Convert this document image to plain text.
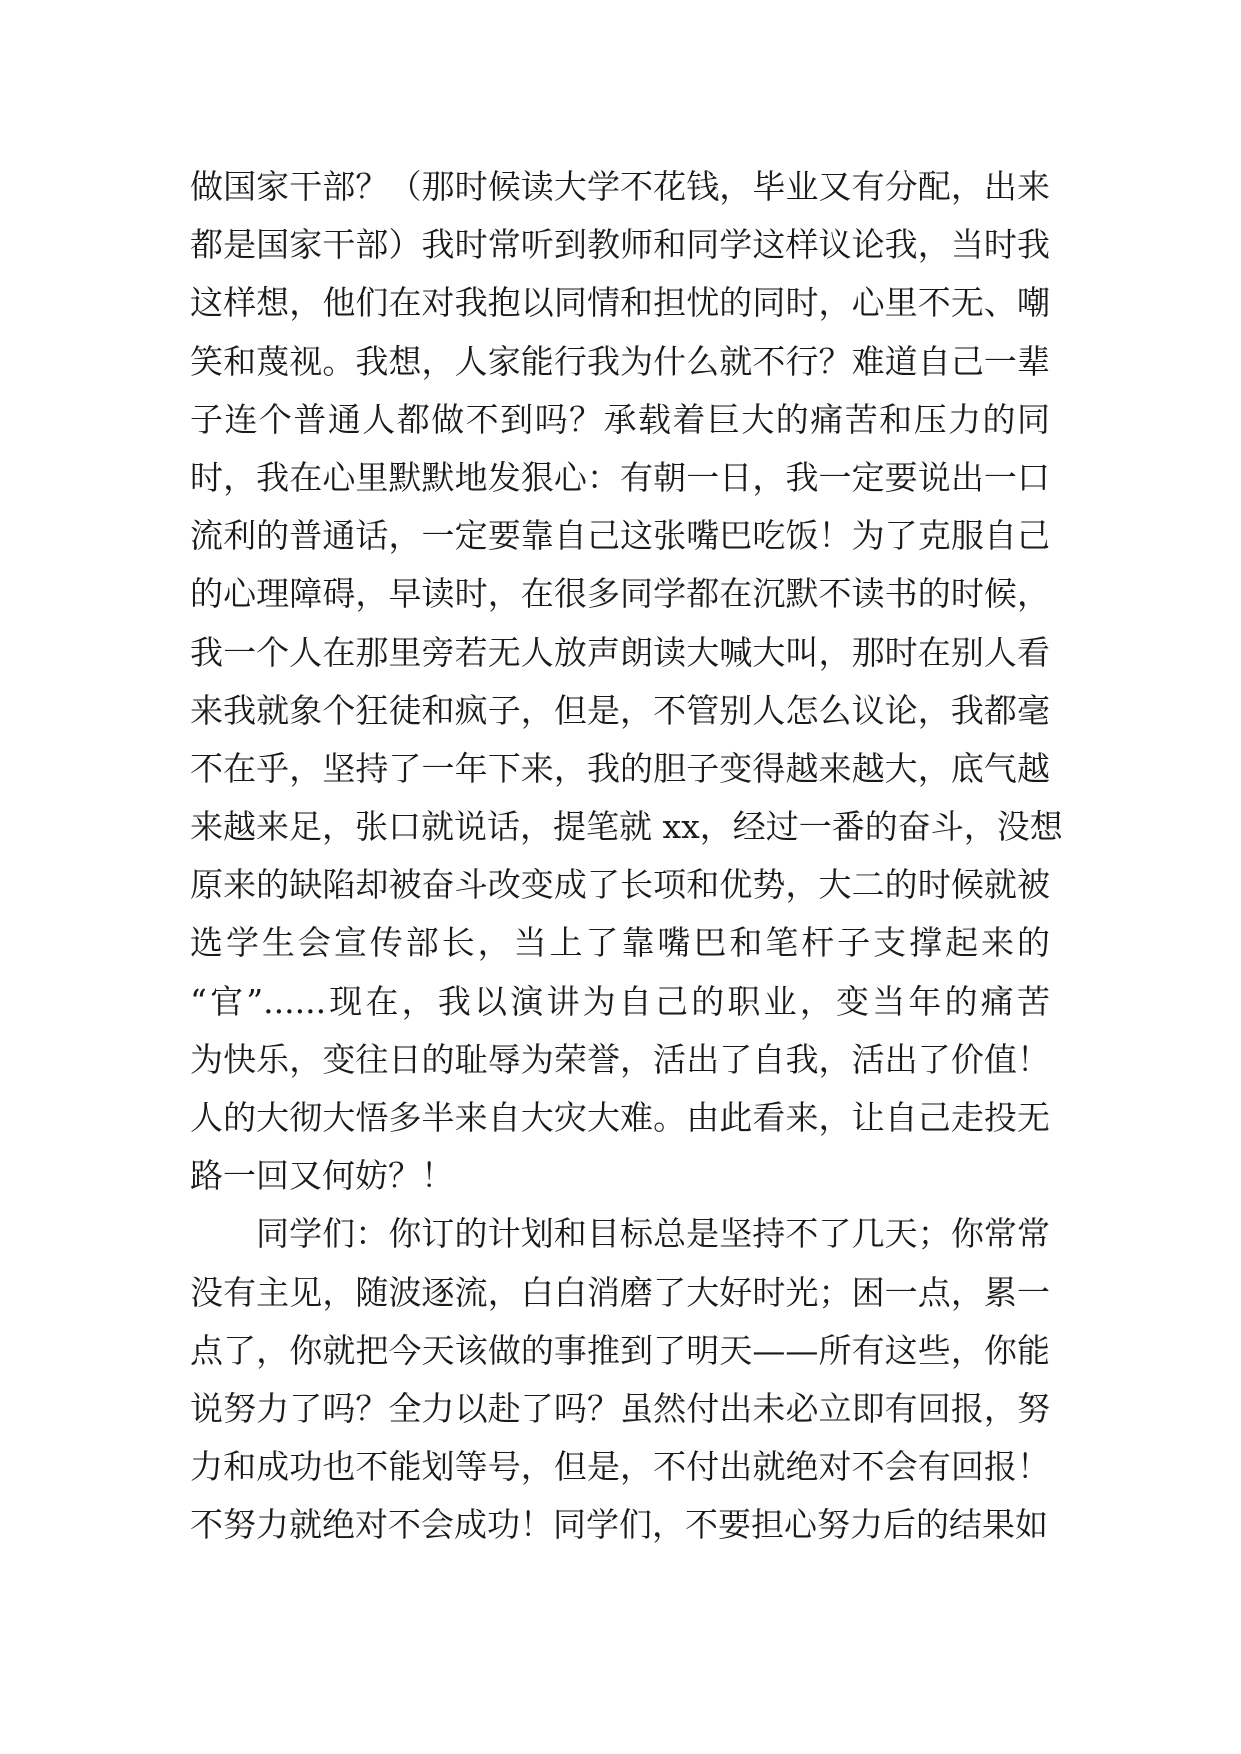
做国家干部？（那时候读大学不花钱，毕业又有分配，出来
都是国家干部）我时常听到教师和同学这样议论我，当时我
这样想，他们在对我抱以同情和担忧的同时，心里不无、嘲
笑和蔑视。我想，人家能行我为什么就不行？难道自己一辈
子连个普通人都做不到吗？承载着巨大的痛苦和压力的同
时，我在心里默默地发狠心：有朝一日，我一定要说出一口
流利的普通话，一定要靠自己这张嘴巴吃饭！为了克服自己
的心理障碍，早读时，在很多同学都在沉默不读书的时候，
我一个人在那里旁若无人放声朗读大喊大叫，那时在别人看
来我就象个狂徒和疯子，但是，不管别人怎么议论，我都毫
不在乎，坚持了一年下来，我的胆子变得越来越大，底气越
来越来足，张口就说话，提笔就 xx，经过一番的奋斗，没想
原来的缺陷却被奋斗改变成了长项和优势，大二的时候就被
选学生会宣传部长，当上了靠嘴巴和笔杆子支撑起来的
“官”......现在，我以演讲为自己的职业，变当年的痛苦
为快乐，变往日的耻辱为荣誉，活出了自我，活出了价值！
人的大彻大悟多半来自大灾大难。由此看来，让自己走投无
路一回又何妨？！
同学们：你订的计划和目标总是坚持不了几天；你常常
没有主见，随波逐流，白白消磨了大好时光；困一点，累一
点了，你就把今天该做的事推到了明天——所有这些，你能
说努力了吗？全力以赴了吗？虽然付出未必立即有回报，努
力和成功也不能划等号，但是，不付出就绝对不会有回报！
不努力就绝对不会成功！同学们，不要担心努力后的结果如
